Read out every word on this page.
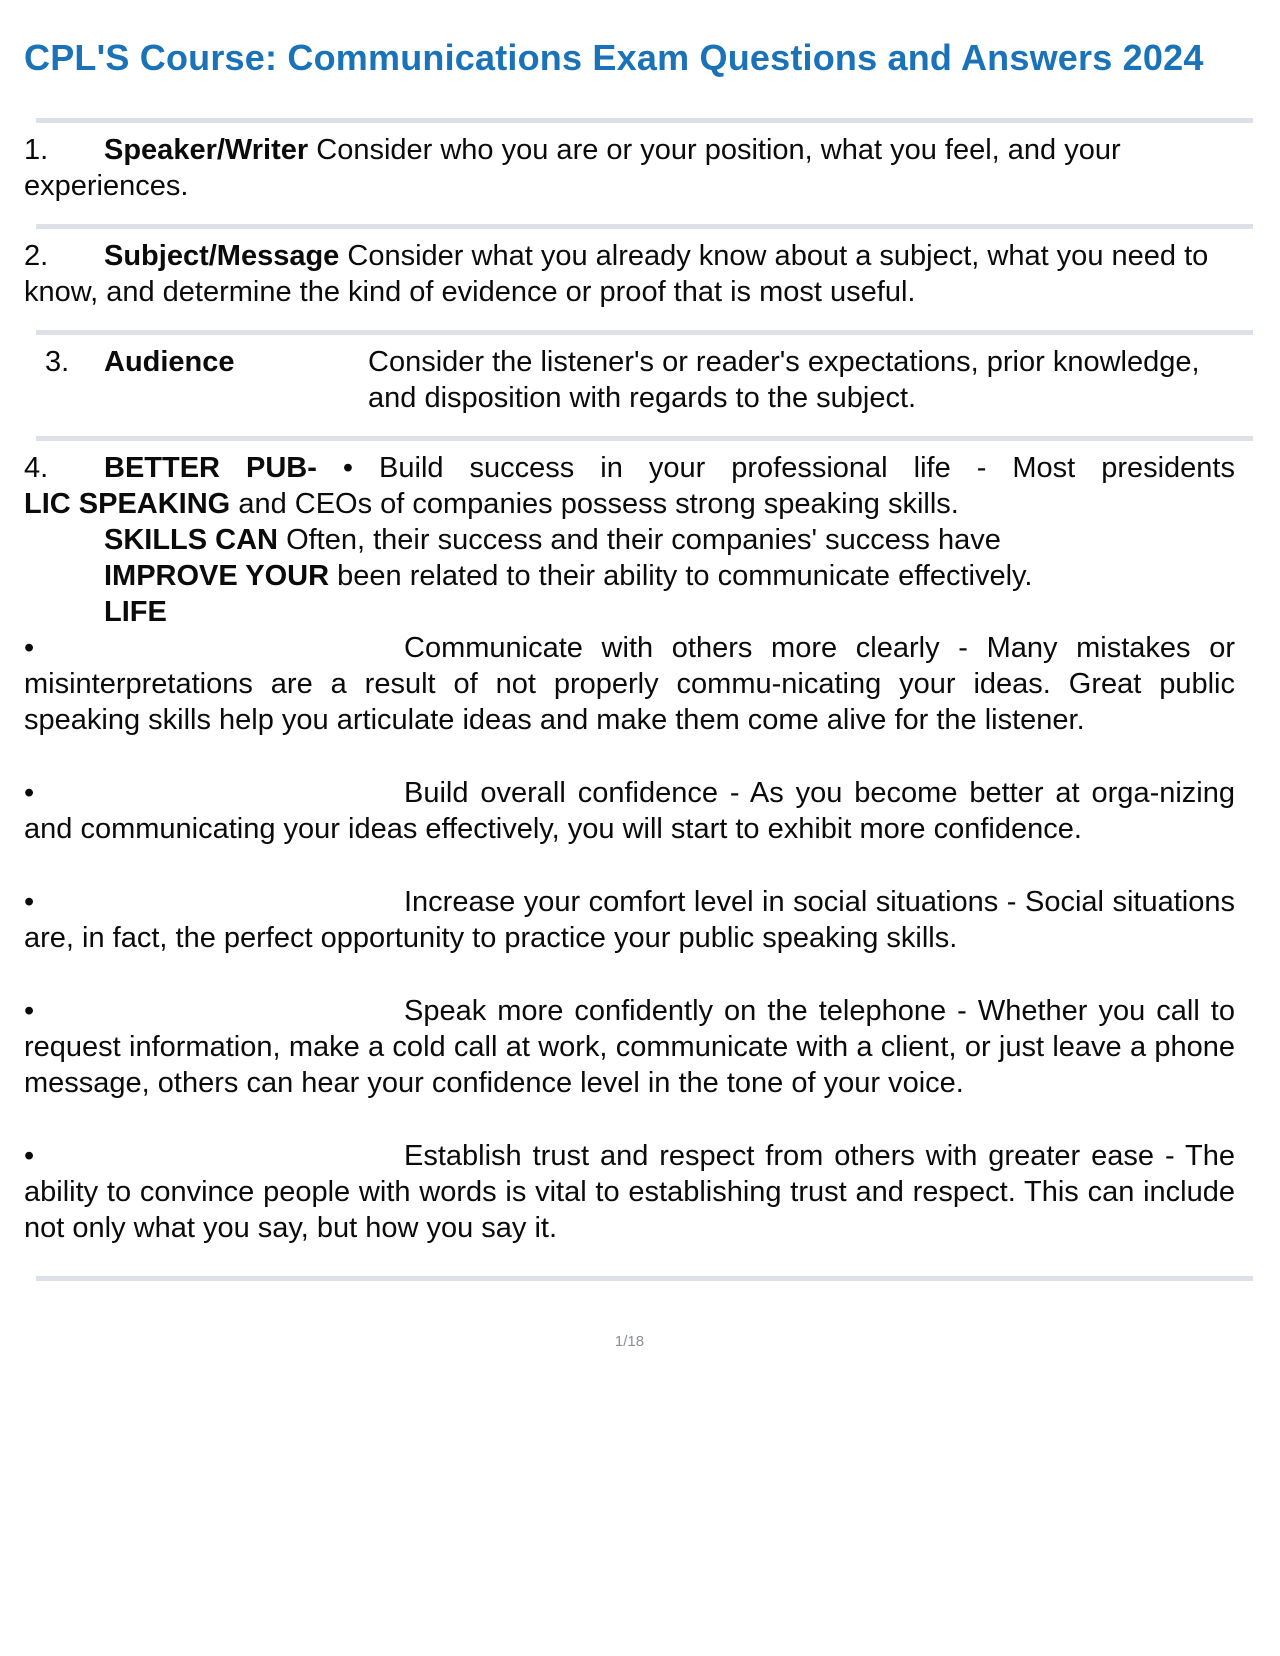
CPL'S Course: Communications Exam Questions and Answers 2024

1. Speaker/Writer Consider who you are or your position, what you feel, and your experiences.

2. Subject/Message Consider what you already know about a subject, what you need to know, and determine the kind of evidence or proof that is most useful.

3.	Audience	Consider the listener's or reader's expectations, prior knowledge, and disposition with regards to the subject.

4. BETTER PUB- • Build success in your professional life - Most presidents

LIC SPEAKING and CEOs of companies possess strong speaking skills.

SKILLS CAN Often, their success and their companies' success have

IMPROVE YOUR been related to their ability to communicate effectively.

LIFE

•	Communicate with others more clearly - Many mistakes or misinterpretations are a result of not properly commu-nicating your ideas. Great public speaking skills help you articulate ideas and make them come alive for the listener.

•	Build overall confidence - As you become better at orga-nizing and communicating your ideas effectively, you will start to exhibit more confidence.

•	Increase your comfort level in social situations - Social situations are, in fact, the perfect opportunity to practice your public speaking skills.

•	Speak more confidently on the telephone - Whether you call to request information, make a cold call at work, communicate with a client, or just leave a phone message, others can hear your confidence level in the tone of your voice.

•	Establish trust and respect from others with greater ease - The ability to convince people with words is vital to establishing trust and respect. This can include not only what you say, but how you say it.

1/18
